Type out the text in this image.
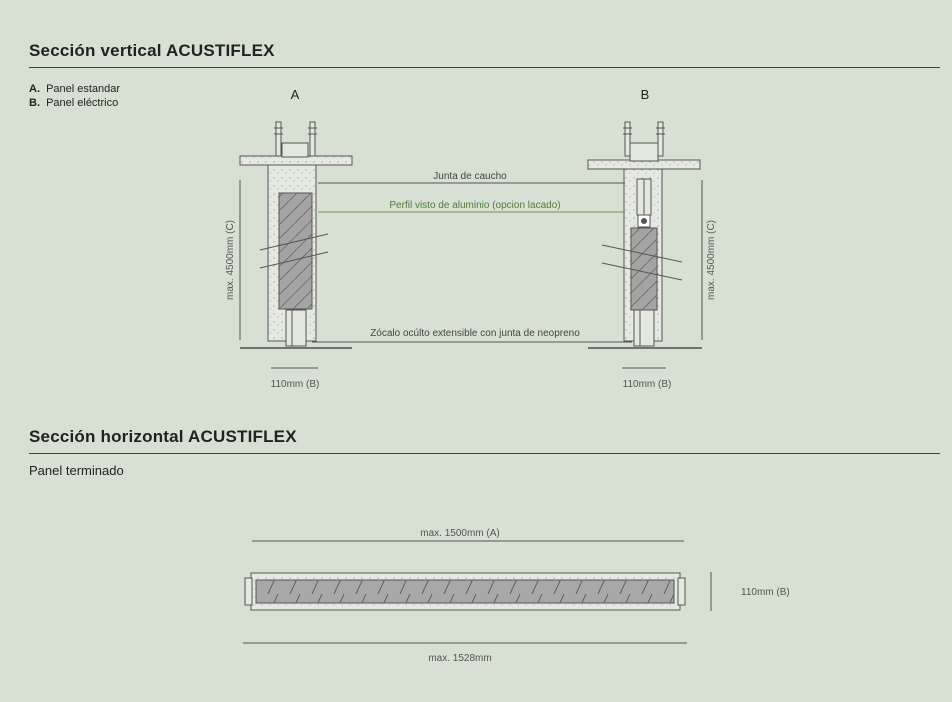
Sección vertical ACUSTIFLEX
A. Panel estandar
B. Panel eléctrico
Sección horizontal ACUSTIFLEX
Panel terminado
A
max. 4500mm (C)
110mm (B)
B
max. 4500mm (C)
110mm (B)
Junta de caucho
Perfil visto de aluminio (opcion lacado)
Zócalo ocúlto extensible con junta de neopreno
max. 1500mm (A)
110mm (B)
max. 1528mm
